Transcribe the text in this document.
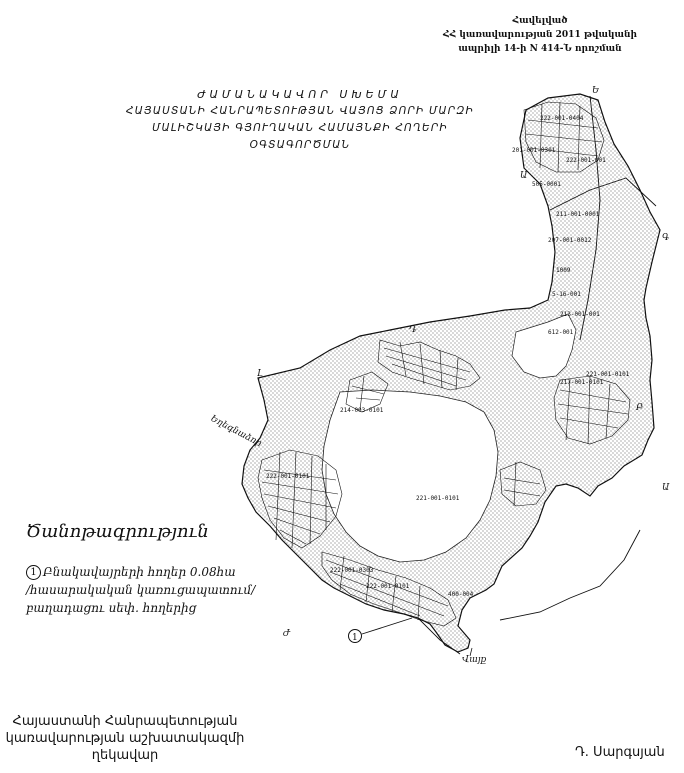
Հավելված
ՀՀ կառավարության 2011 թվականի
ապրիլի 14-ի N 414-Ն որոշման
Ե
Ա
Գ
Բ
Դ
Լ
Ժ
Ա
222-001-0404
222-001-001
211-001-0001
1009
5-16-001
213-001-001
207-001-0012
505-0001
612-001
217-001-0101
221-001-0101
201-001-0301
214-003-0101
222-001-0101
221-001-0101
222-001-0303
222-001-0101
400-004
Եղեգնաձոր
Վայք
1
ԺԱՄԱՆԱԿԱՎՈՐ ՍԽԵՄԱ
ՀԱՅԱՍՏԱՆԻ ՀԱՆՐԱՊԵՏՈՒԹՅԱՆ ՎԱՅՈՑ ՁՈՐԻ ՄԱՐԶԻ
ՄԱԼԻՇԿԱՅԻ ԳՅՈՒՂԱԿԱՆ ՀԱՄԱՅՆՔԻ ՀՈՂԵՐԻ
ՕԳՏԱԳՈՐԾՄԱՆ
Ծանոթագրություն
1 Բնակավայրերի հողեր 0.08հա
/հասարակական կառուցապատում/
բաղադացու սեփ. հողերից
Հայաստանի Հանրապետության
կառավարության աշխատակազմի
ղեկավար	Դ. Սարգսյան
